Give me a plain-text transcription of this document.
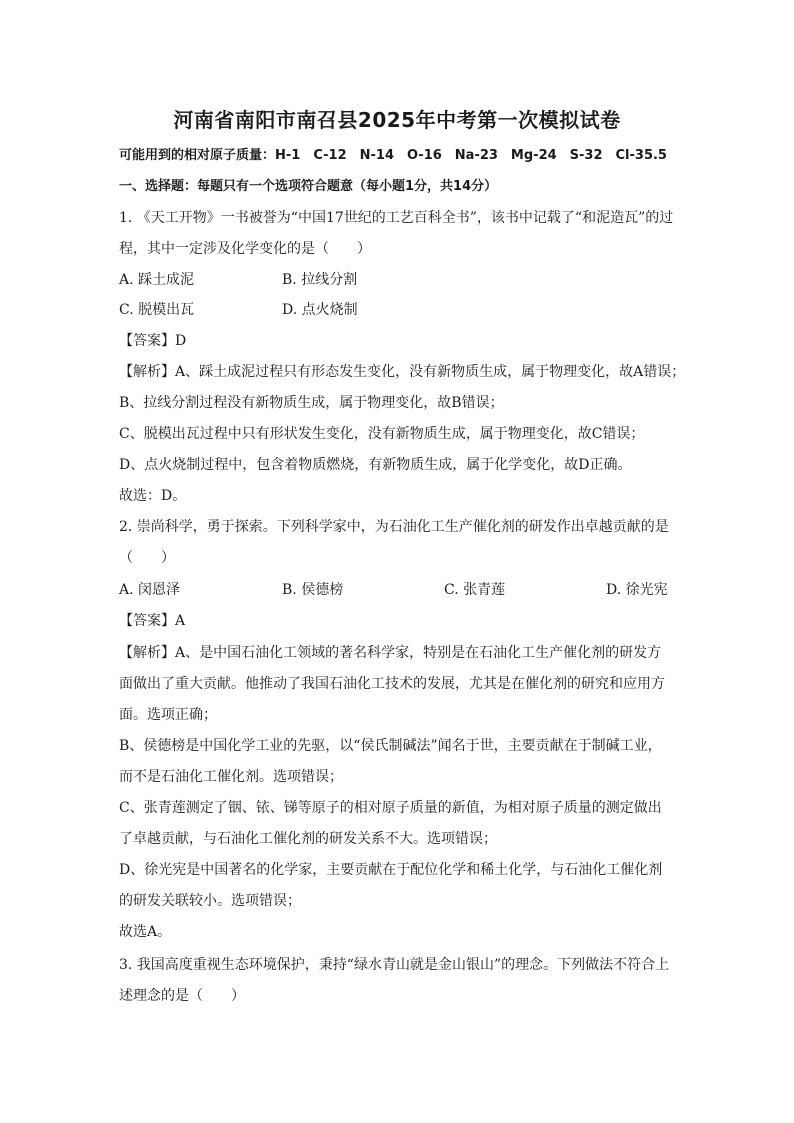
河南省南阳市南召县2025年中考第一次模拟试卷
可能用到的相对原子质量：H-1　C-12　N-14　O-16　Na-23　Mg-24　S-32　Cl-35.5
一、选择题：每题只有一个选项符合题意（每小题1分，共14分）
1. 《天工开物》一书被誉为“中国17世纪的工艺百科全书”，该书中记载了“和泥造瓦”的过
程，其中一定涉及化学变化的是（　　）
A. 踩土成泥	B. 拉线分割
C. 脱模出瓦	D. 点火烧制
【答案】D
【解析】A、踩土成泥过程只有形态发生变化，没有新物质生成，属于物理变化，故A错误；
B、拉线分割过程没有新物质生成，属于物理变化，故B错误；
C、脱模出瓦过程中只有形状发生变化，没有新物质生成，属于物理变化，故C错误；
D、点火烧制过程中，包含着物质燃烧，有新物质生成，属于化学变化，故D正确。
故选：D。
2. 崇尚科学，勇于探索。下列科学家中，为石油化工生产催化剂的研发作出卓越贡献的是
（　　）
A. 闵恩泽	B. 侯德榜	C. 张青莲	D. 徐光宪
【答案】A
【解析】A、是中国石油化工领域的著名科学家，特别是在石油化工生产催化剂的研发方
面做出了重大贡献。他推动了我国石油化工技术的发展，尤其是在催化剂的研究和应用方
面。选项正确；
B、侯德榜是中国化学工业的先驱，以“侯氏制碱法”闻名于世，主要贡献在于制碱工业，
而不是石油化工催化剂。选项错误；
C、张青莲测定了铟、铱、锑等原子的相对原子质量的新值，为相对原子质量的测定做出
了卓越贡献，与石油化工催化剂的研发关系不大。选项错误；
D、徐光宪是中国著名的化学家，主要贡献在于配位化学和稀土化学，与石油化工催化剂
的研发关联较小。选项错误；
故选A。
3. 我国高度重视生态环境保护，秉持“绿水青山就是金山银山”的理念。下列做法不符合上
述理念的是（　　）
